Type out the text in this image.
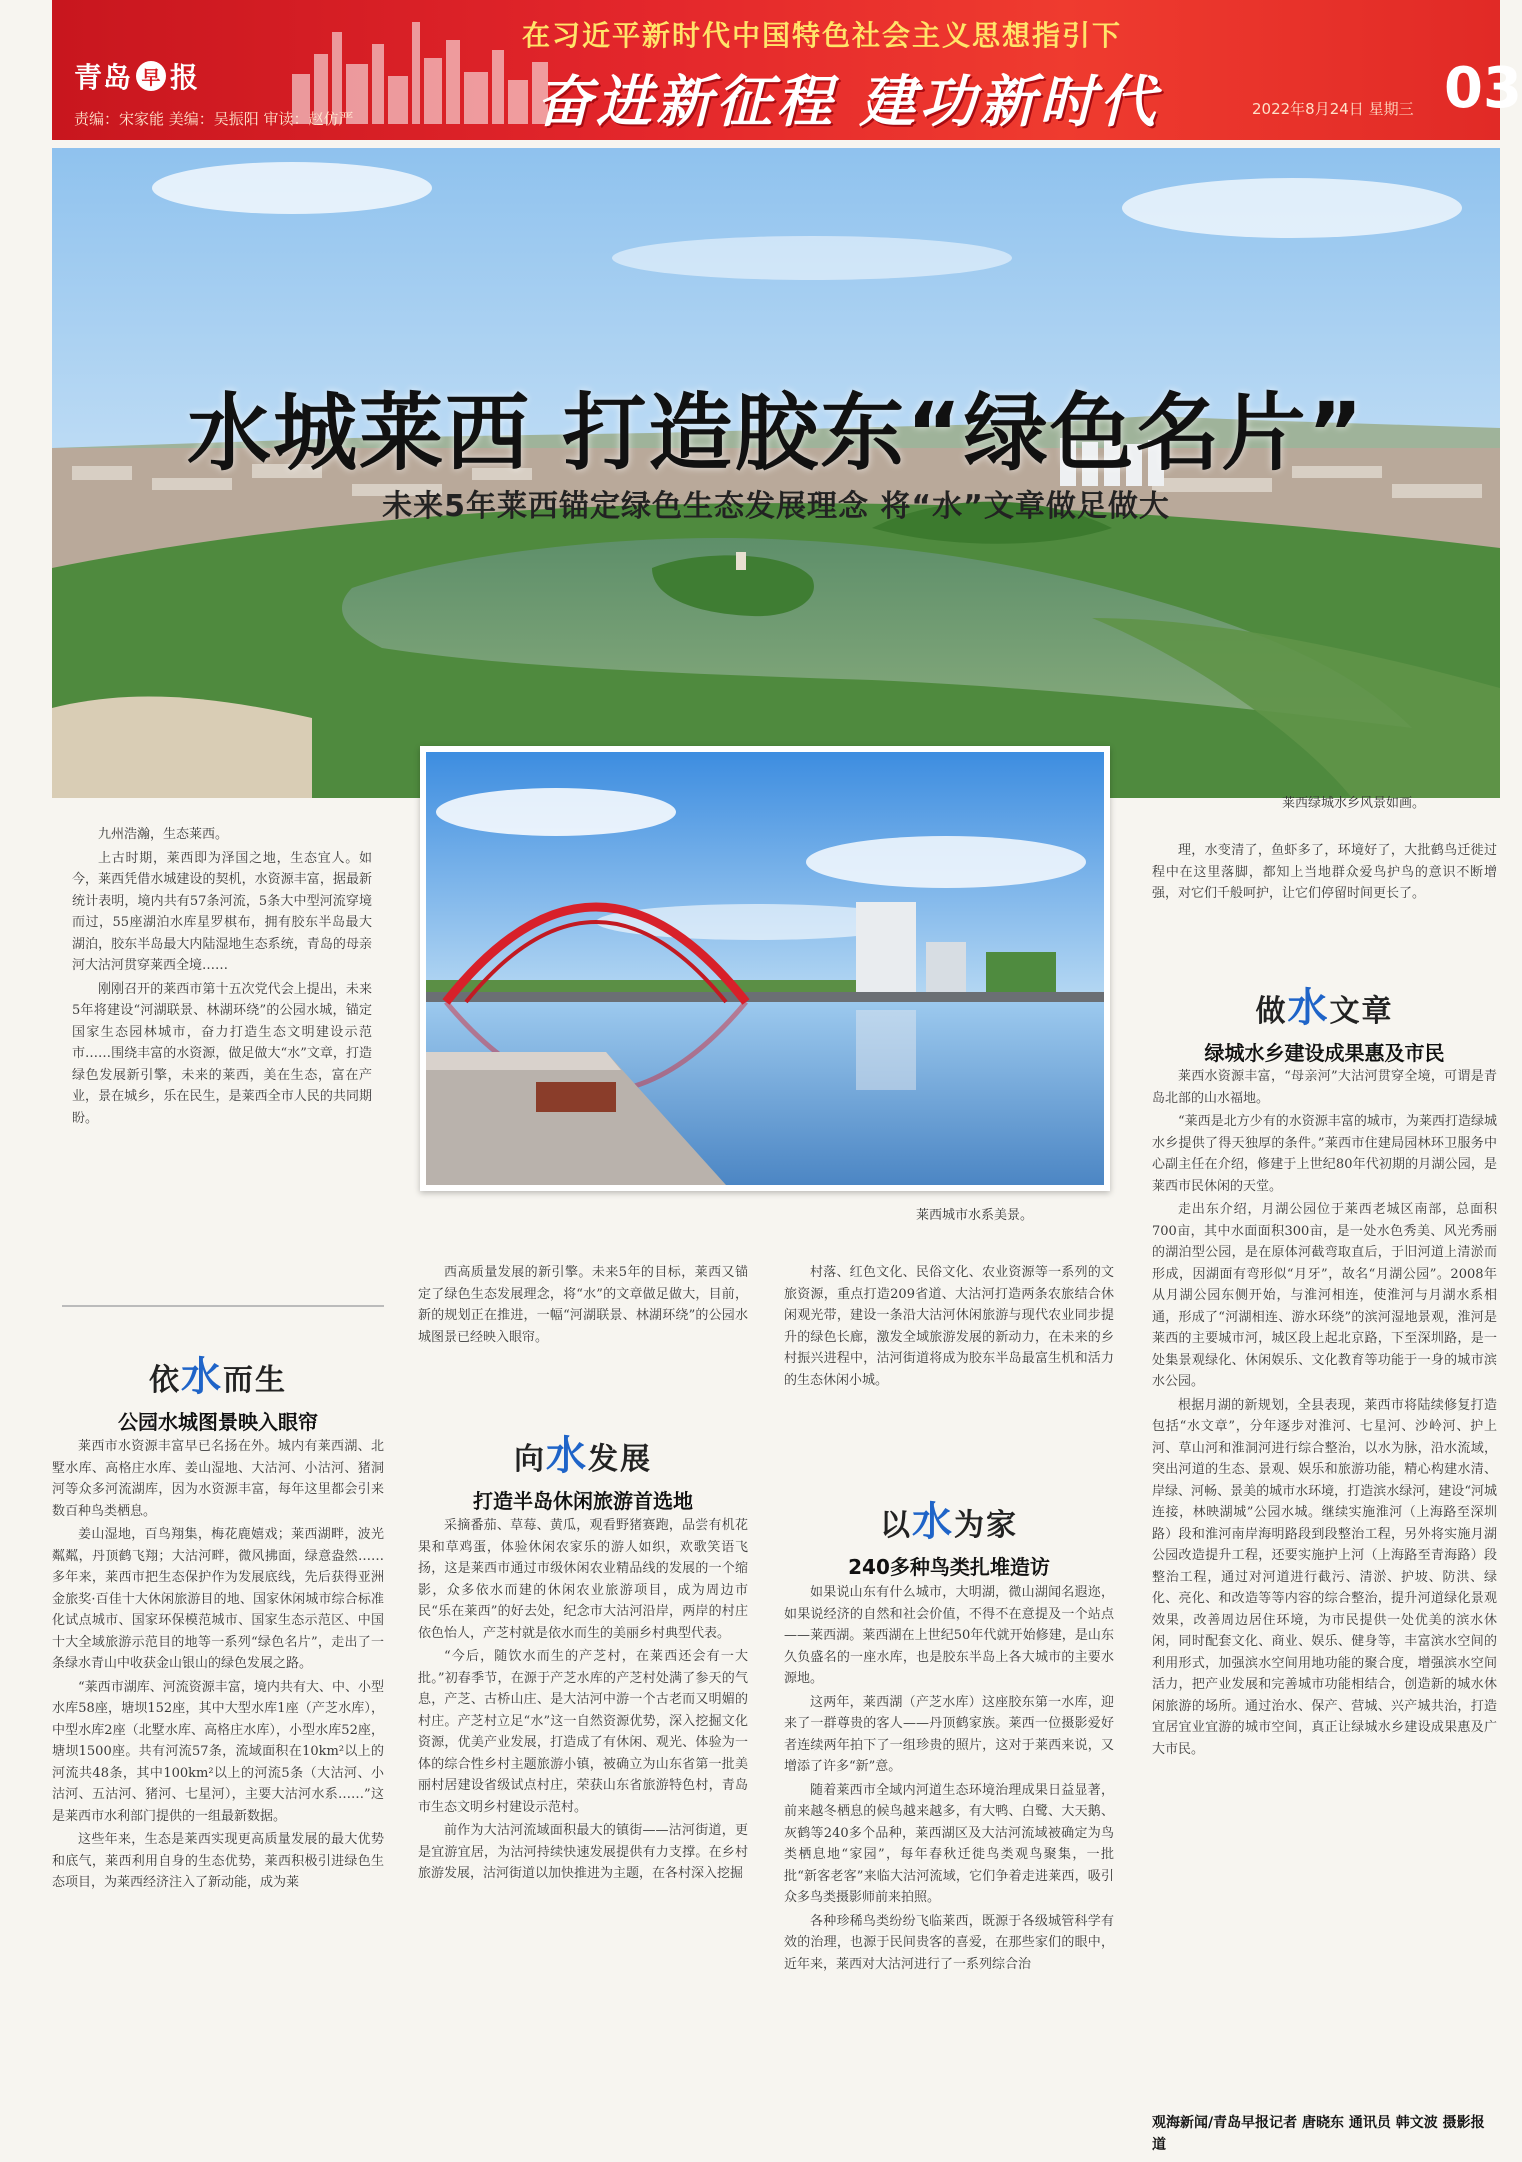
青岛 早 报
责编：宋家能 美编：吴振阳 审读：赵仿严
在习近平新时代中国特色社会主义思想指引下
奋进新征程 建功新时代	2022年8月24日 星期三 03
水城莱西 打造胶东“绿色名片”
未来5年莱西锚定绿色生态发展理念 将“水”文章做足做大
莱西绿城水乡风景如画。
莱西城市水系美景。

九州浩瀚，生态莱西。

上古时期，莱西即为泽国之地，生态宜人。如今，莱西凭借水城建设的契机，水资源丰富，据最新统计表明，境内共有57条河流，5条大中型河流穿境而过，55座湖泊水库星罗棋布，拥有胶东半岛最大湖泊，胶东半岛最大内陆湿地生态系统，青岛的母亲河大沽河贯穿莱西全境……

刚刚召开的莱西市第十五次党代会上提出，未来5年将建设“河湖联景、林湖环绕”的公园水城，锚定国家生态园林城市，奋力打造生态文明建设示范市……围绕丰富的水资源，做足做大“水”文章，打造绿色发展新引擎，未来的莱西，美在生态，富在产业，景在城乡，乐在民生，是莱西全市人民的共同期盼。

依水而生
公园水城图景映入眼帘

莱西市水资源丰富早已名扬在外。城内有莱西湖、北墅水库、高格庄水库、姜山湿地、大沽河、小沽河、猪洞河等众多河流湖库，因为水资源丰富，每年这里都会引来数百种鸟类栖息。

姜山湿地，百鸟翔集，梅花鹿嬉戏；莱西湖畔，波光粼粼，丹顶鹤飞翔；大沽河畔，微风拂面，绿意盎然……多年来，莱西市把生态保护作为发展底线，先后获得亚洲金旅奖·百佳十大休闲旅游目的地、国家休闲城市综合标准化试点城市、国家环保模范城市、国家生态示范区、中国十大全域旅游示范目的地等一系列“绿色名片”，走出了一条绿水青山中收获金山银山的绿色发展之路。

“莱西市湖库、河流资源丰富，境内共有大、中、小型水库58座，塘坝152座，其中大型水库1座（产芝水库），中型水库2座（北墅水库、高格庄水库），小型水库52座，塘坝1500座。共有河流57条，流域面积在10km²以上的河流共48条，其中100km²以上的河流5条（大沽河、小沽河、五沽河、猪河、七星河），主要大沽河水系……”这是莱西市水利部门提供的一组最新数据。

这些年来，生态是莱西实现更高质量发展的最大优势和底气，莱西利用自身的生态优势，莱西积极引进绿色生态项目，为莱西经济注入了新动能，成为莱

西高质量发展的新引擎。未来5年的目标，莱西又锚定了绿色生态发展理念，将“水”的文章做足做大，目前，新的规划正在推进，一幅“河湖联景、林湖环绕”的公园水城图景已经映入眼帘。

向水发展
打造半岛休闲旅游首选地

采摘番茄、草莓、黄瓜，观看野猪赛跑，品尝有机花果和草鸡蛋，体验休闲农家乐的游人如织，欢歌笑语飞扬，这是莱西市通过市级休闲农业精品线的发展的一个缩影，众多依水而建的休闲农业旅游项目，成为周边市民“乐在莱西”的好去处，纪念市大沽河沿岸，两岸的村庄依色怡人，产芝村就是依水而生的美丽乡村典型代表。

“今后，随饮水而生的产芝村，在莱西还会有一大批。”初春季节，在源于产芝水库的产芝村处满了参天的气息，产芝、古桥山庄、是大沽河中游一个古老而又明媚的村庄。产芝村立足“水”这一自然资源优势，深入挖掘文化资源，优美产业发展，打造成了有休闲、观光、体验为一体的综合性乡村主题旅游小镇，被确立为山东省第一批美丽村居建设省级试点村庄，荣获山东省旅游特色村，青岛市生态文明乡村建设示范村。

前作为大沽河流域面积最大的镇街——沽河街道，更是宜游宜居，为沽河持续快速发展提供有力支撑。在乡村旅游发展，沽河街道以加快推进为主题，在各村深入挖掘

村落、红色文化、民俗文化、农业资源等一系列的文旅资源，重点打造209省道、大沽河打造两条农旅结合休闲观光带，建设一条沿大沽河休闲旅游与现代农业同步提升的绿色长廊，激发全域旅游发展的新动力，在未来的乡村振兴进程中，沽河街道将成为胶东半岛最富生机和活力的生态休闲小城。

以水为家
240多种鸟类扎堆造访

如果说山东有什么城市，大明湖，微山湖闻名遐迩，如果说经济的自然和社会价值，不得不在意提及一个站点——莱西湖。莱西湖在上世纪50年代就开始修建，是山东久负盛名的一座水库，也是胶东半岛上各大城市的主要水源地。

这两年，莱西湖（产芝水库）这座胶东第一水库，迎来了一群尊贵的客人——丹顶鹤家族。莱西一位摄影爱好者连续两年拍下了一组珍贵的照片，这对于莱西来说，又增添了许多“新”意。

随着莱西市全域内河道生态环境治理成果日益显著，前来越冬栖息的候鸟越来越多，有大鸭、白鹭、大天鹅、灰鹤等240多个品种，莱西湖区及大沽河流域被确定为鸟类栖息地“家园”，每年春秋迁徙鸟类观鸟聚集，一批批“新客老客”来临大沽河流域，它们争着走进莱西，吸引众多鸟类摄影师前来拍照。

各种珍稀鸟类纷纷飞临莱西，既源于各级城管科学有效的治理，也源于民间贵客的喜爱，在那些家们的眼中，近年来，莱西对大沽河进行了一系列综合治

理，水变清了，鱼虾多了，环境好了，大批鹤鸟迁徙过程中在这里落脚，都知上当地群众爱鸟护鸟的意识不断增强，对它们千般呵护，让它们停留时间更长了。

做水文章
绿城水乡建设成果惠及市民

莱西水资源丰富，“母亲河”大沽河贯穿全境，可谓是青岛北部的山水福地。

“莱西是北方少有的水资源丰富的城市，为莱西打造绿城水乡提供了得天独厚的条件。”莱西市住建局园林环卫服务中心副主任在介绍，修建于上世纪80年代初期的月湖公园，是莱西市民休闲的天堂。

走出东介绍，月湖公园位于莱西老城区南部，总面积700亩，其中水面面积300亩，是一处水色秀美、风光秀丽的湖泊型公园，是在原体河截弯取直后，于旧河道上清淤而形成，因湖面有弯形似“月牙”，故名“月湖公园”。2008年从月湖公园东侧开始，与淮河相连，使淮河与月湖水系相通，形成了“河湖相连、游水环绕”的滨河湿地景观，淮河是莱西的主要城市河，城区段上起北京路，下至深圳路，是一处集景观绿化、休闲娱乐、文化教育等功能于一身的城市滨水公园。

根据月湖的新规划，全县表现，莱西市将陆续修复打造包括“水文章”，分年逐步对淮河、七星河、沙岭河、护上河、草山河和淮洞河进行综合整治，以水为脉，沿水流域，突出河道的生态、景观、娱乐和旅游功能，精心构建水清、岸绿、河畅、景美的城市水环境，打造滨水绿河，建设“河城连接，林映湖城”公园水城。继续实施淮河（上海路至深圳路）段和淮河南岸海明路段到段整治工程，另外将实施月湖公园改造提升工程，还要实施护上河（上海路至青海路）段整治工程，通过对河道进行截污、清淤、护坡、防洪、绿化、亮化、和改造等等内容的综合整治，提升河道绿化景观效果，改善周边居住环境，为市民提供一处优美的滨水休闲，同时配套文化、商业、娱乐、健身等，丰富滨水空间的利用形式，加强滨水空间用地功能的聚合度，增强滨水空间活力，把产业发展和完善城市功能相结合，创造新的城水休闲旅游的场所。通过治水、保产、营城、兴产城共治，打造宜居宜业宜游的城市空间，真正让绿城水乡建设成果惠及广大市民。

观海新闻/青岛早报记者 唐晓东 通讯员 韩文波 摄影报道
